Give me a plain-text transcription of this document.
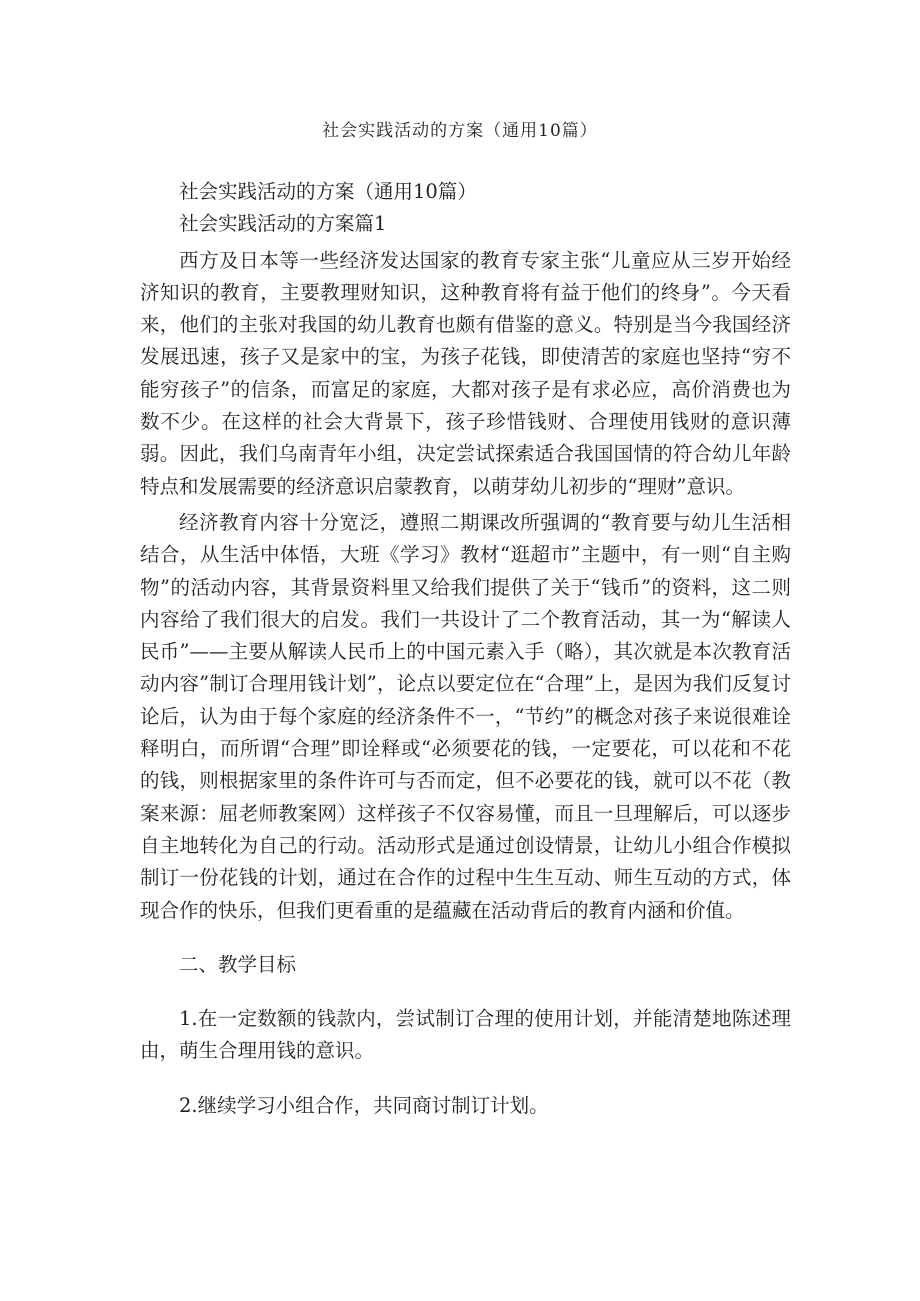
社会实践活动的方案（通用10篇）

社会实践活动的方案（通用10篇）

社会实践活动的方案篇1

西方及日本等一些经济发达国家的教育专家主张“儿童应从三岁开始经济知识的教育，主要教理财知识，这种教育将有益于他们的终身”。今天看来，他们的主张对我国的幼儿教育也颇有借鉴的意义。特别是当今我国经济发展迅速，孩子又是家中的宝，为孩子花钱，即使清苦的家庭也坚持“穷不能穷孩子”的信条，而富足的家庭，大都对孩子是有求必应，高价消费也为数不少。在这样的社会大背景下，孩子珍惜钱财、合理使用钱财的意识薄弱。因此，我们乌南青年小组，决定尝试探索适合我国国情的符合幼儿年龄特点和发展需要的经济意识启蒙教育，以萌芽幼儿初步的“理财”意识。

经济教育内容十分宽泛，遵照二期课改所强调的“教育要与幼儿生活相结合，从生活中体悟，大班《学习》教材“逛超市”主题中，有一则“自主购物”的活动内容，其背景资料里又给我们提供了关于“钱币”的资料，这二则内容给了我们很大的启发。我们一共设计了二个教育活动，其一为“解读人民币”——主要从解读人民币上的中国元素入手（略），其次就是本次教育活动内容”制订合理用钱计划”，论点以要定位在“合理”上，是因为我们反复讨论后，认为由于每个家庭的经济条件不一，“节约”的概念对孩子来说很难诠释明白，而所谓“合理”即诠释或“必须要花的钱，一定要花，可以花和不花的钱，则根据家里的条件许可与否而定，但不必要花的钱，就可以不花（教案来源：屈老师教案网）这样孩子不仅容易懂，而且一旦理解后，可以逐步自主地转化为自己的行动。活动形式是通过创设情景，让幼儿小组合作模拟制订一份花钱的计划，通过在合作的过程中生生互动、师生互动的方式，体现合作的快乐，但我们更看重的是蕴藏在活动背后的教育内涵和价值。

二、教学目标

1.在一定数额的钱款内，尝试制订合理的使用计划，并能清楚地陈述理由，萌生合理用钱的意识。

2.继续学习小组合作，共同商讨制订计划。
